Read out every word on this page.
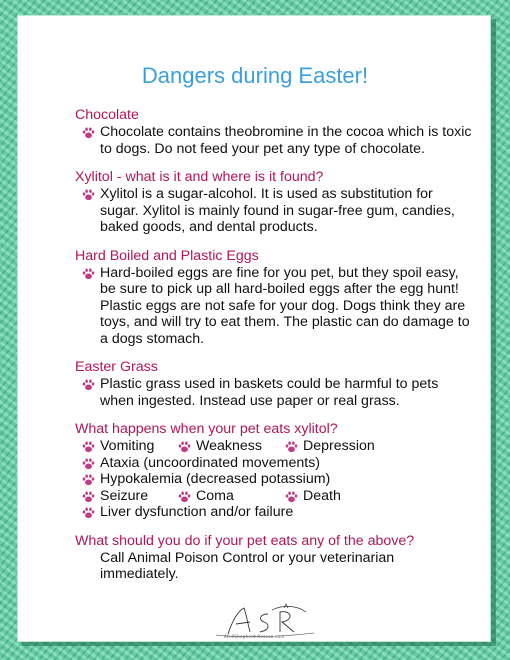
Dangers during Easter!
Chocolate
Chocolate contains theobromine in the cocoa which is toxic to dogs. Do not feed your pet any type of chocolate.
Xylitol - what is it and where is it found?
Xylitol is a sugar-alcohol. It is used as substitution for sugar. Xylitol is mainly found in sugar-free gum, candies, baked goods, and dental products.
Hard Boiled and Plastic Eggs
Hard-boiled eggs are fine for you pet, but they spoil easy, be sure to pick up all hard-boiled eggs after the egg hunt! Plastic eggs are not safe for your dog. Dogs think they are toys, and will try to eat them. The plastic can do damage to a dogs stomach.
Easter Grass
Plastic grass used in baskets could be harmful to pets when ingested. Instead use paper or real grass.
What happens when your pet eats xylitol?
Vomiting	Weakness	Depression
Ataxia (uncoordinated movements)
Hypokalemia (decreased potassium)
Seizure	Coma	Death
Liver dysfunction and/or failure
What should you do if your pet eats any of the above?
Call Animal Poison Control or your veterinarian immediately.
All 4Shepherd Rescue.com
